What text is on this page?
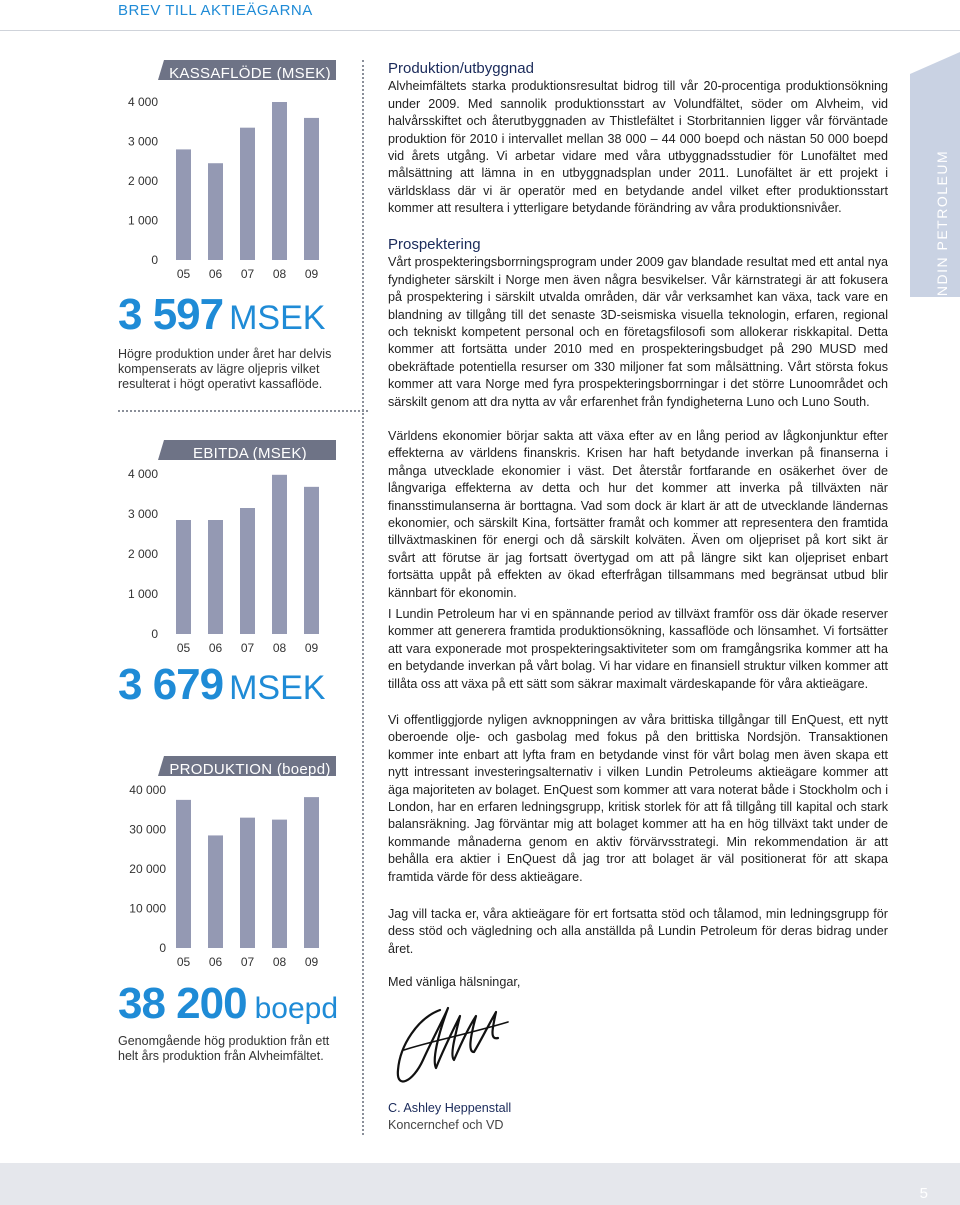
BREV TILL AKTIEÄGARNA
KASSAFLÖDE (MSEK)
4 000
3 000
2 000
1 000
0
05 06 07 08 09
3 597 MSEK
Högre produktion under året har delvis kompenserats av lägre oljepris vilket resulterat i högt operativt kassaflöde.
EBITDA (MSEK)
4 000
3 000
2 000
1 000
0
05 06 07 08 09
3 679 MSEK
PRODUKTION (boepd)
40 000
30 000
20 000
10 000
0
05 06 07 08 09
38 200 boepd
Genomgående hög produktion från ett helt års produktion från Alvheimfältet.
Produktion/utbyggnad

Alvheimfältets starka produktionsresultat bidrog till vår 20-procentiga produktionsökning under 2009. Med sannolik produktionsstart av Volundfältet, söder om Alvheim, vid halvårsskiftet och återutbyggnaden av Thistlefältet i Storbritannien ligger vår förväntade produktion för 2010 i intervallet mellan 38 000 – 44 000 boepd och nästan 50 000 boepd vid årets utgång. Vi arbetar vidare med våra utbyggnadsstudier för Lunofältet med målsättning att lämna in en utbyggnadsplan under 2011. Lunofältet är ett projekt i världsklass där vi är operatör med en betydande andel vilket efter produktionsstart kommer att resultera i ytterligare betydande förändring av våra produktionsnivåer.

Prospektering

Vårt prospekteringsborrningsprogram under 2009 gav blandade resultat med ett antal nya fyndigheter särskilt i Norge men även några besvikelser. Vår kärnstrategi är att fokusera på prospektering i särskilt utvalda områden, där vår verksamhet kan växa, tack vare en blandning av tillgång till det senaste 3D-seismiska visuella teknologin, erfaren, regional och tekniskt kompetent personal och en företagsfilosofi som allokerar riskkapital. Detta kommer att fortsätta under 2010 med en prospekteringsbudget på 290 MUSD med obekräftade potentiella resurser om 330 miljoner fat som målsättning. Vårt största fokus kommer att vara Norge med fyra prospekteringsborrningar i det större Lunoområdet och särskilt genom att dra nytta av vår erfarenhet från fyndigheterna Luno och Luno South.

Världens ekonomier börjar sakta att växa efter av en lång period av lågkonjunktur efter effekterna av världens finanskris. Krisen har haft betydande inverkan på finanserna i många utvecklade ekonomier i väst. Det återstår fortfarande en osäkerhet över de långvariga effekterna av detta och hur det kommer att inverka på tillväxten när finansstimulanserna är borttagna. Vad som dock är klart är att de utvecklande ländernas ekonomier, och särskilt Kina, fortsätter framåt och kommer att representera den framtida tillväxtmaskinen för energi och då särskilt kolväten. Även om oljepriset på kort sikt är svårt att förutse är jag fortsatt övertygad om att på längre sikt kan oljepriset enbart fortsätta uppåt på effekten av ökad efterfrågan tillsammans med begränsat utbud blir kännbart för ekonomin.

I Lundin Petroleum har vi en spännande period av tillväxt framför oss där ökade reserver kommer att generera framtida produktionsökning, kassaflöde och lönsamhet. Vi fortsätter att vara exponerade mot prospekteringsaktiviteter som om framgångsrika kommer att ha en betydande inverkan på vårt bolag. Vi har vidare en finansiell struktur vilken kommer att tillåta oss att växa på ett sätt som säkrar maximalt värdeskapande för våra aktieägare.

Vi offentliggjorde nyligen avknoppningen av våra brittiska tillgångar till EnQuest, ett nytt oberoende olje- och gasbolag med fokus på den brittiska Nordsjön. Transaktionen kommer inte enbart att lyfta fram en betydande vinst för vårt bolag men även skapa ett nytt intressant investeringsalternativ i vilken Lundin Petroleums aktieägare kommer att äga majoriteten av bolaget. EnQuest som kommer att vara noterat både i Stockholm och i London, har en erfaren ledningsgrupp, kritisk storlek för att få tillgång till kapital och stark balansräkning. Jag förväntar mig att bolaget kommer att ha en hög tillväxt takt under de kommande månaderna genom en aktiv förvärvsstrategi. Min rekommendation är att behålla era aktier i EnQuest då jag tror att bolaget är väl positionerat för att skapa framtida värde för dess aktieägare.

Jag vill tacka er, våra aktieägare för ert fortsatta stöd och tålamod, min ledningsgrupp för dess stöd och vägledning och alla anställda på Lundin Petroleum för deras bidrag under året.

Med vänliga hälsningar,
C. Ashley Heppenstall
Koncernchef och VD
LUNDIN PETROLEUM
5
